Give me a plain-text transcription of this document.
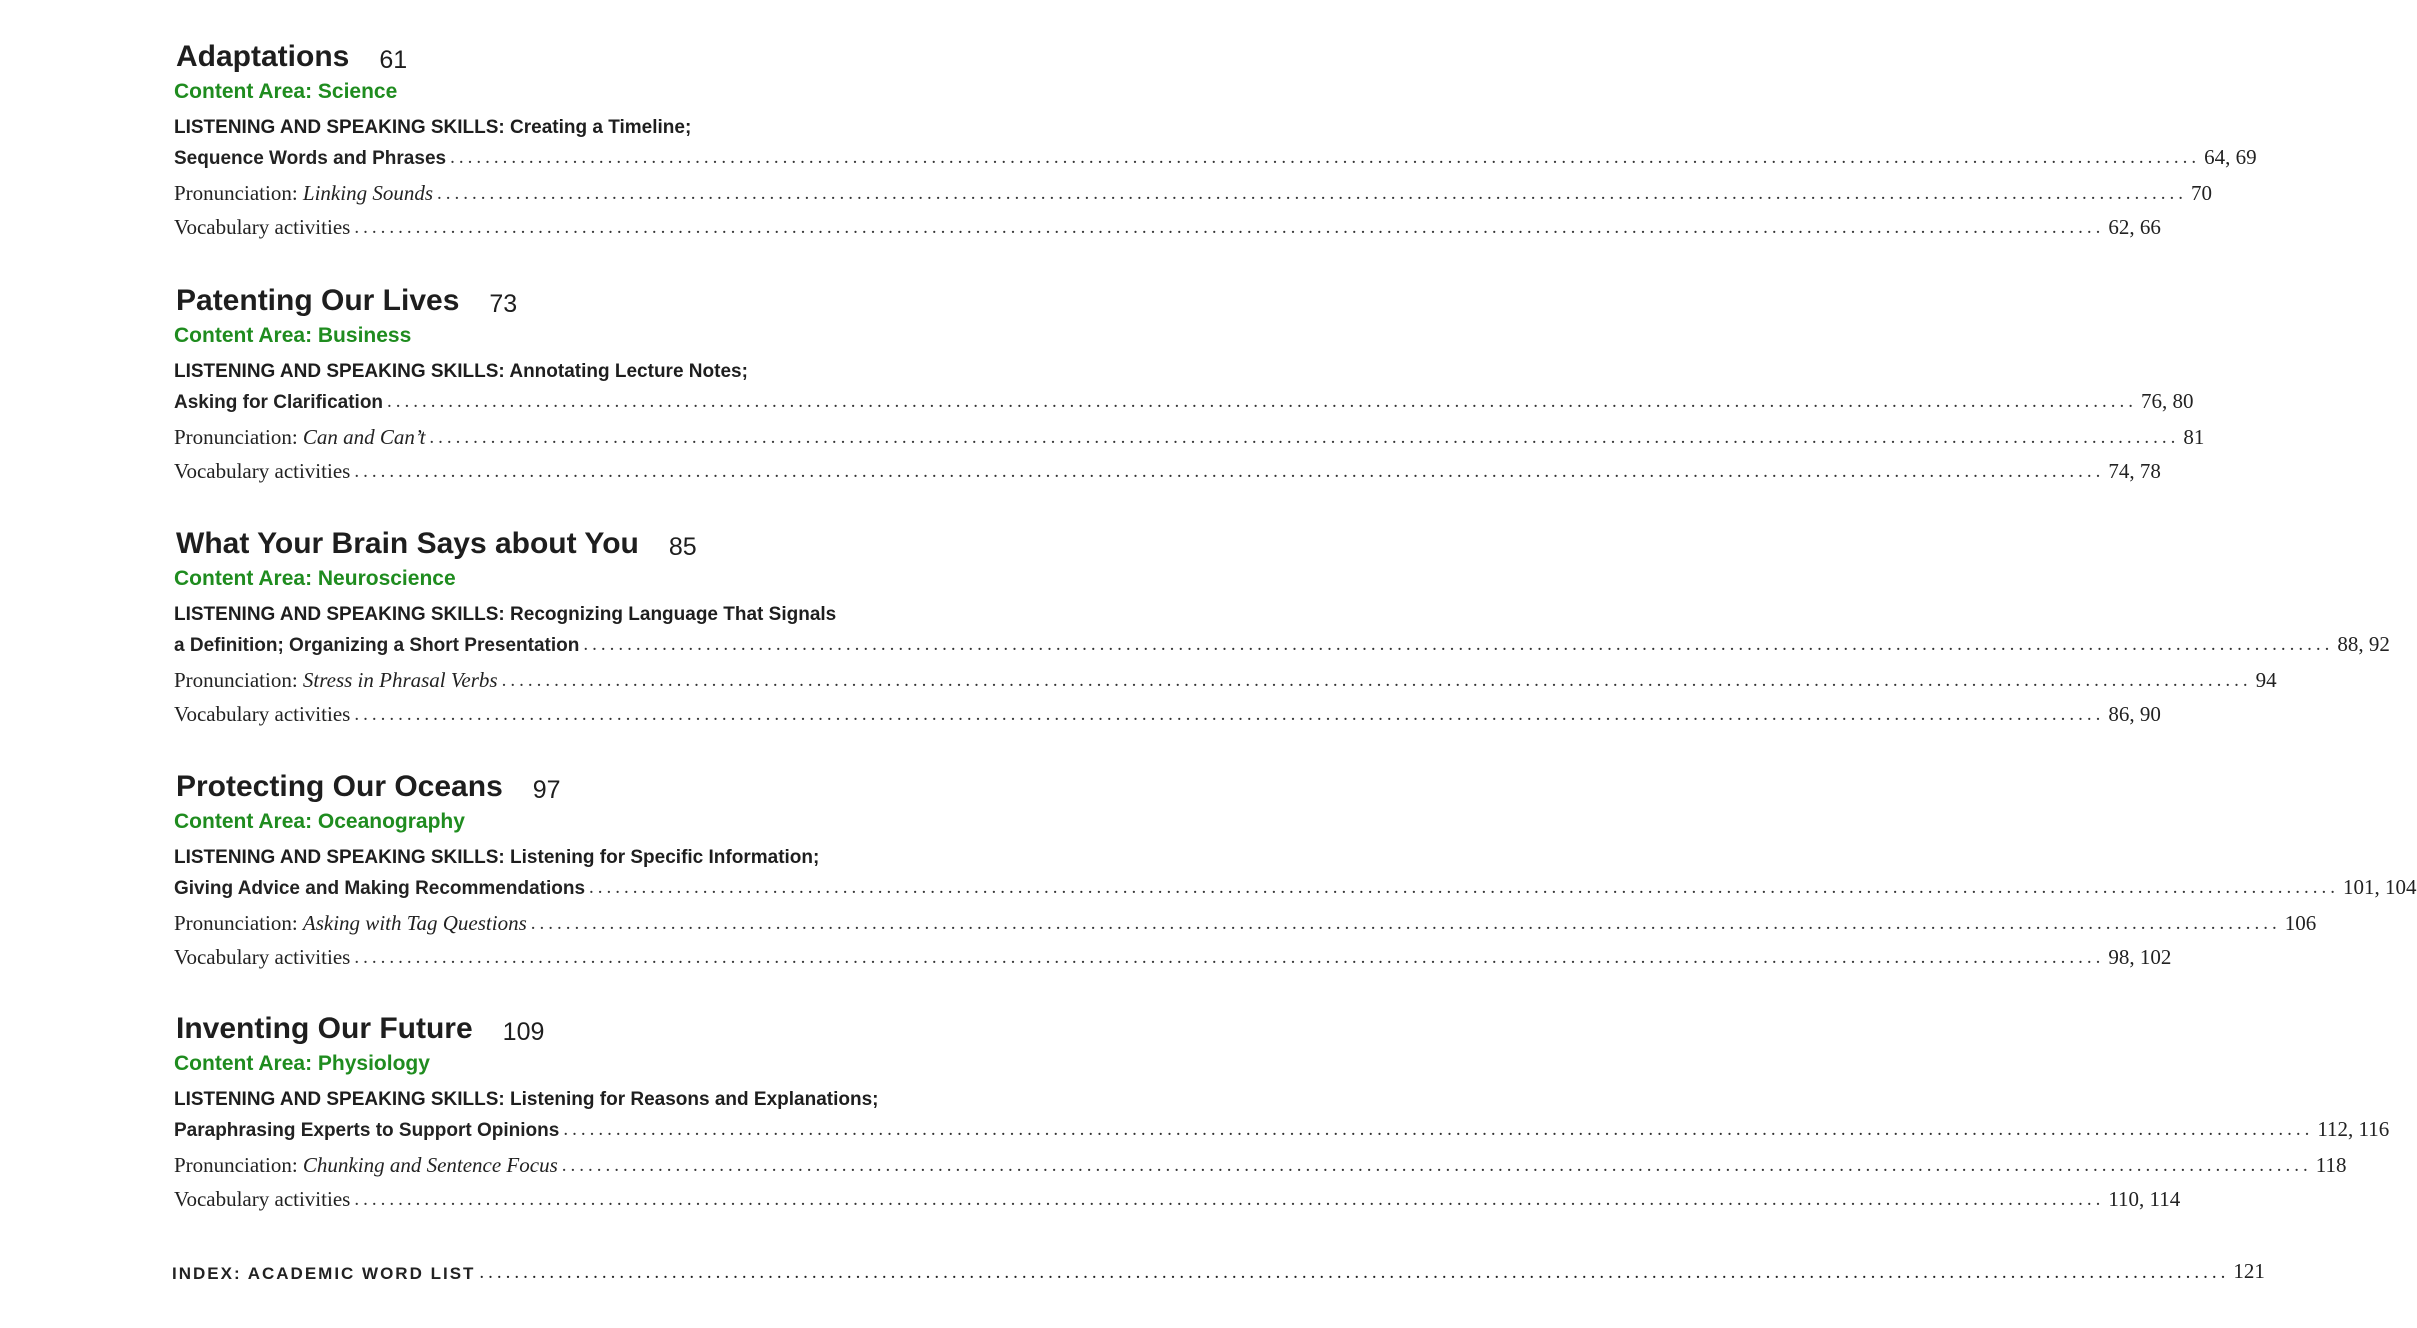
Adaptations 61
Content Area: Science
LISTENING AND SPEAKING SKILLS: Creating a Timeline;
Sequence Words and Phrases ........................................................................................................................................................................................................ 64, 69
Pronunciation: Linking Sounds ........................................................................................................................................................................................................ 70
Vocabulary activities ........................................................................................................................................................................................................ 62, 66
Patenting Our Lives 73
Content Area: Business
LISTENING AND SPEAKING SKILLS: Annotating Lecture Notes;
Asking for Clarification ........................................................................................................................................................................................................ 76, 80
Pronunciation: Can and Can’t ........................................................................................................................................................................................................ 81
Vocabulary activities ........................................................................................................................................................................................................ 74, 78
What Your Brain Says about You 85
Content Area: Neuroscience
LISTENING AND SPEAKING SKILLS: Recognizing Language That Signals
a Definition; Organizing a Short Presentation ........................................................................................................................................................................................................ 88, 92
Pronunciation: Stress in Phrasal Verbs ........................................................................................................................................................................................................ 94
Vocabulary activities ........................................................................................................................................................................................................ 86, 90
Protecting Our Oceans 97
Content Area: Oceanography
LISTENING AND SPEAKING SKILLS: Listening for Specific Information;
Giving Advice and Making Recommendations ........................................................................................................................................................................................................ 101, 104
Pronunciation: Asking with Tag Questions ........................................................................................................................................................................................................ 106
Vocabulary activities ........................................................................................................................................................................................................ 98, 102
Inventing Our Future 109
Content Area: Physiology
LISTENING AND SPEAKING SKILLS: Listening for Reasons and Explanations;
Paraphrasing Experts to Support Opinions ........................................................................................................................................................................................................ 112, 116
Pronunciation: Chunking and Sentence Focus ........................................................................................................................................................................................................ 118
Vocabulary activities ........................................................................................................................................................................................................ 110, 114
INDEX: ACADEMIC WORD LIST ........................................................................................................................................................................................................ 121
